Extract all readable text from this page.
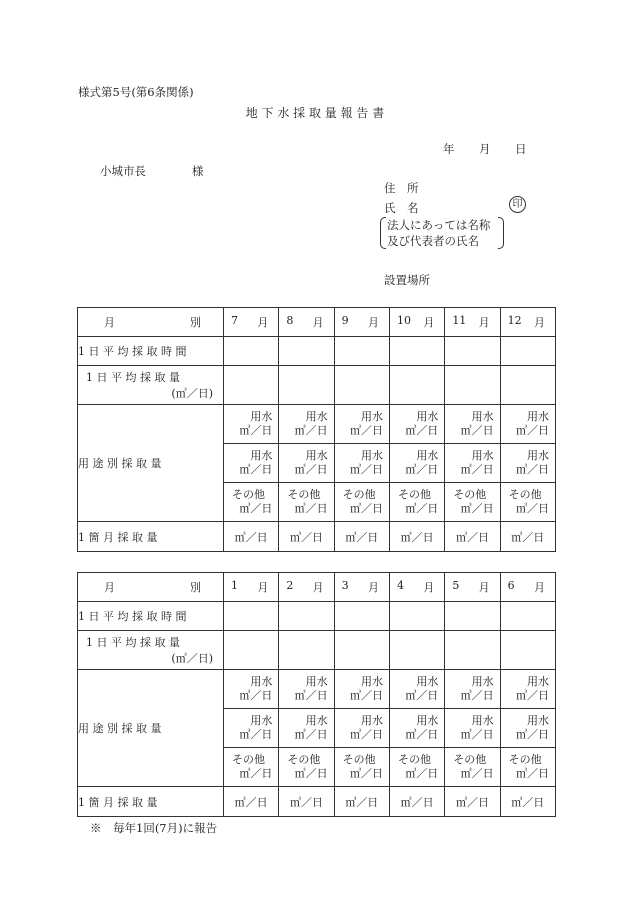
様式第5号(第6条関係)
地 下 水 採 取 量 報 告 書
年 月 日
小城市長　　　　様
住　所
氏　名	印
法人にあっては名称
及び代表者の氏名
設置場所
月 別	7 月	8 月	9 月	10 月	11 月	12 月

1 日 平 均 採 取 時 間						

1 日 平 均 採 取 量
(㎥／日)						

用 途 別 採 取 量	用水
㎥／日	用水
㎥／日	用水
㎥／日	用水
㎥／日	用水
㎥／日	用水
㎥／日

	用水
㎥／日	用水
㎥／日	用水
㎥／日	用水
㎥／日	用水
㎥／日	用水
㎥／日

	その他
㎥／日	その他
㎥／日	その他
㎥／日	その他
㎥／日	その他
㎥／日	その他
㎥／日

1 箇 月 採 取 量	㎥／日	㎥／日	㎥／日	㎥／日	㎥／日	㎥／日
月 別	1 月	2 月	3 月	4 月	5 月	6 月

1 日 平 均 採 取 時 間						

1 日 平 均 採 取 量
(㎥／日)						

用 途 別 採 取 量	用水
㎥／日	用水
㎥／日	用水
㎥／日	用水
㎥／日	用水
㎥／日	用水
㎥／日

	用水
㎥／日	用水
㎥／日	用水
㎥／日	用水
㎥／日	用水
㎥／日	用水
㎥／日

	その他
㎥／日	その他
㎥／日	その他
㎥／日	その他
㎥／日	その他
㎥／日	その他
㎥／日

1 箇 月 採 取 量	㎥／日	㎥／日	㎥／日	㎥／日	㎥／日	㎥／日
※　毎年1回(7月)に報告
